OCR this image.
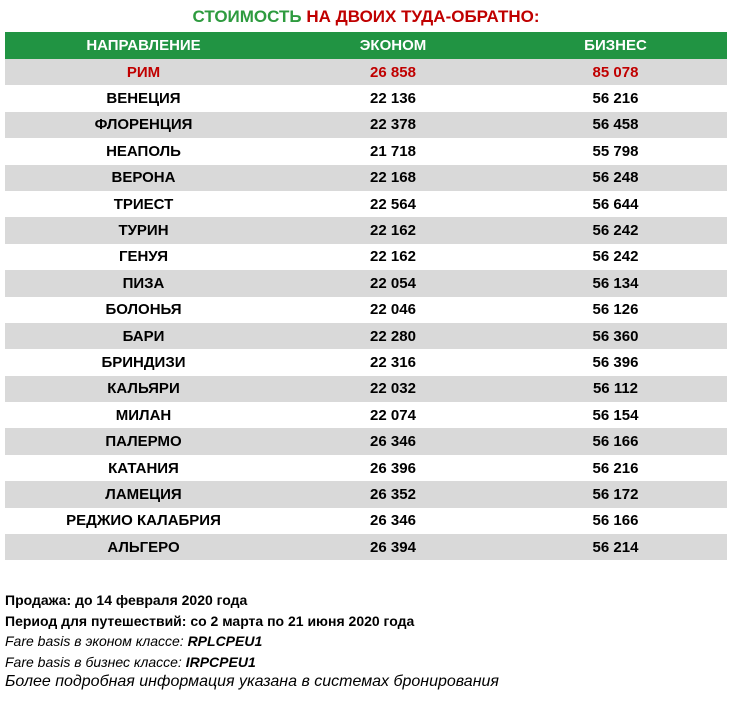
СТОИМОСТЬ НА ДВОИХ ТУДА-ОБРАТНО:
НАПРАВЛЕНИЕ	ЭКОНОМ	БИЗНЕС
РИМ	26 858	85 078
ВЕНЕЦИЯ	22 136	56 216
ФЛОРЕНЦИЯ	22 378	56 458
НЕАПОЛЬ	21 718	55 798
ВЕРОНА	22 168	56 248
ТРИЕСТ	22 564	56 644
ТУРИН	22 162	56 242
ГЕНУЯ	22 162	56 242
ПИЗА	22 054	56 134
БОЛОНЬЯ	22 046	56 126
БАРИ	22 280	56 360
БРИНДИЗИ	22 316	56 396
КАЛЬЯРИ	22 032	56 112
МИЛАН	22 074	56 154
ПАЛЕРМО	26 346	56 166
КАТАНИЯ	26 396	56 216
ЛАМЕЦИЯ	26 352	56 172
РЕДЖИО КАЛАБРИЯ	26 346	56 166
АЛЬГЕРО	26 394	56 214
Продажа: до 14 февраля 2020 года
Период для путешествий: со 2 марта по 21 июня 2020 года
Fare basis в эконом классе: RPLCPEU1
Fare basis в бизнес классе: IRPCPEU1
Более подробная информация указана в системах бронирования
